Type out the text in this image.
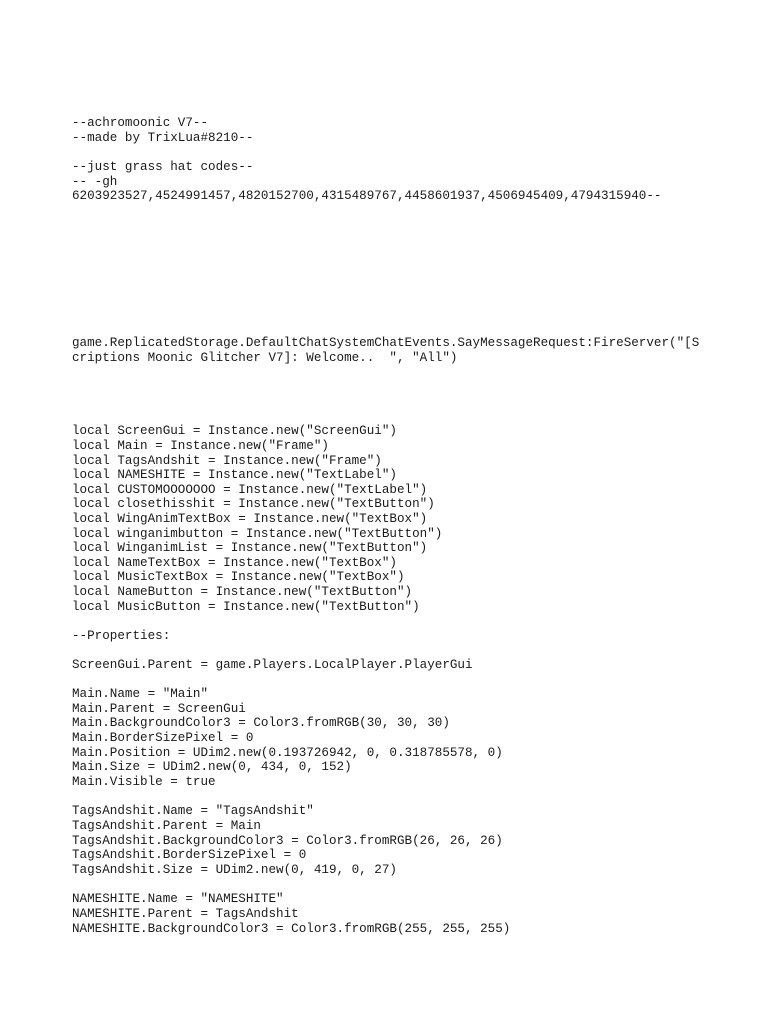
--achromoonic V7--

--made by TrixLua#8210--

--just grass hat codes--

-- -gh

6203923527,4524991457,4820152700,4315489767,4458601937,4506945409,4794315940--

game.ReplicatedStorage.DefaultChatSystemChatEvents.SayMessageRequest:FireServer("[S

criptions Moonic Glitcher V7]: Welcome..  ", "All")

local ScreenGui = Instance.new("ScreenGui")

local Main = Instance.new("Frame")

local TagsAndshit = Instance.new("Frame")

local NAMESHITE = Instance.new("TextLabel")

local CUSTOMOOOOOOO = Instance.new("TextLabel")

local closethisshit = Instance.new("TextButton")

local WingAnimTextBox = Instance.new("TextBox")

local winganimbutton = Instance.new("TextButton")

local WinganimList = Instance.new("TextButton")

local NameTextBox = Instance.new("TextBox")

local MusicTextBox = Instance.new("TextBox")

local NameButton = Instance.new("TextButton")

local MusicButton = Instance.new("TextButton")

--Properties:

ScreenGui.Parent = game.Players.LocalPlayer.PlayerGui

Main.Name = "Main"

Main.Parent = ScreenGui

Main.BackgroundColor3 = Color3.fromRGB(30, 30, 30)

Main.BorderSizePixel = 0

Main.Position = UDim2.new(0.193726942, 0, 0.318785578, 0)

Main.Size = UDim2.new(0, 434, 0, 152)

Main.Visible = true

TagsAndshit.Name = "TagsAndshit"

TagsAndshit.Parent = Main

TagsAndshit.BackgroundColor3 = Color3.fromRGB(26, 26, 26)

TagsAndshit.BorderSizePixel = 0

TagsAndshit.Size = UDim2.new(0, 419, 0, 27)

NAMESHITE.Name = "NAMESHITE"

NAMESHITE.Parent = TagsAndshit

NAMESHITE.BackgroundColor3 = Color3.fromRGB(255, 255, 255)
